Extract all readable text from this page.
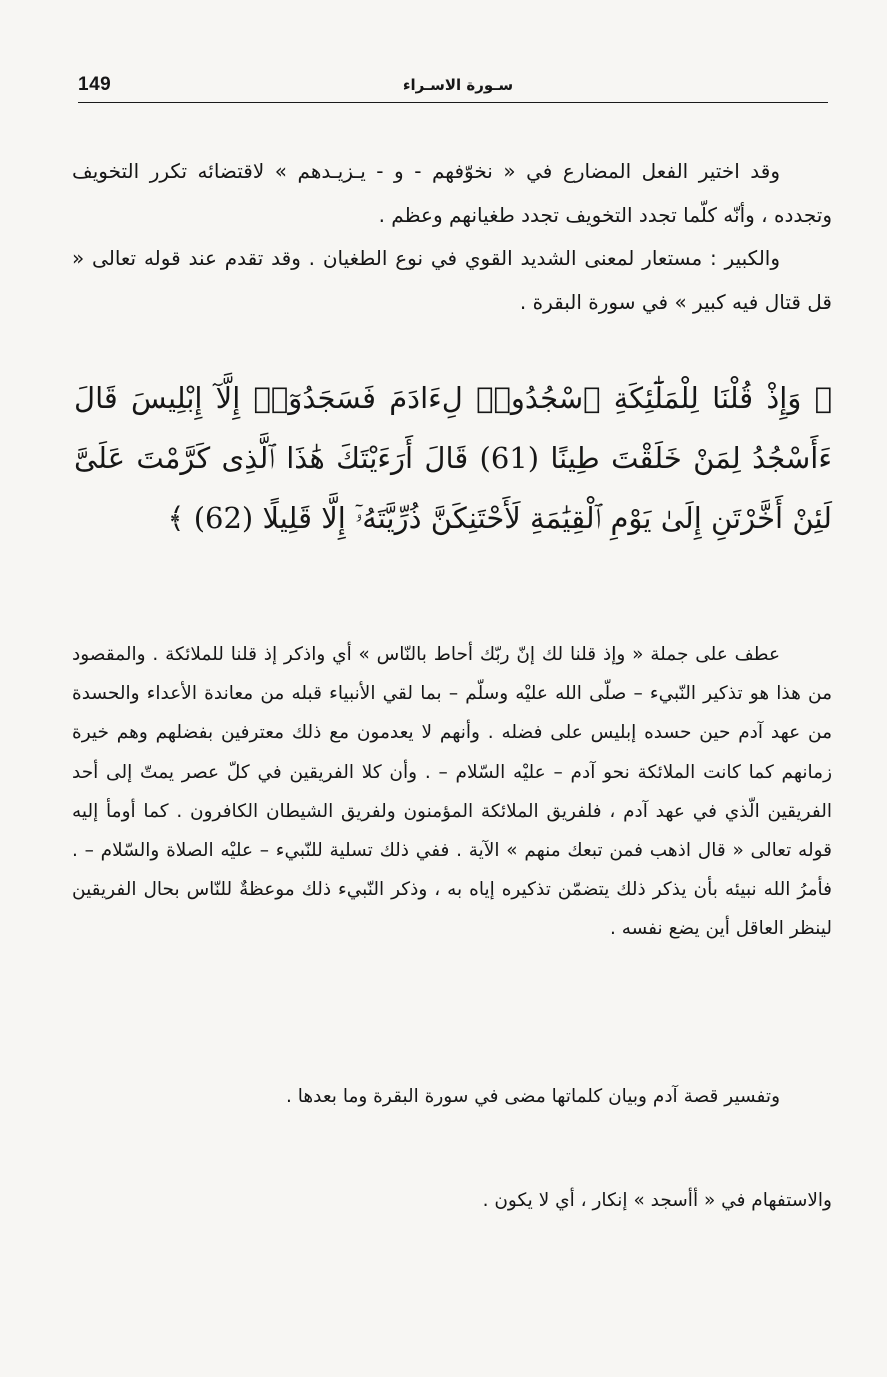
149	سـورة الاسـراء

وقد اختير الفعل المضارع في « نخوّفهم - و - يـزيـدهم » لاقتضائه تكرر التخويف وتجدده ، وأنّه كلّما تجدد التخويف تجدد طغيانهم وعظم .

والكبير : مستعار لمعنى الشديد القوي في نوع الطغيان . وقد تقدم عند قوله تعالى « قل قتال فيه كبير » في سورة البقرة .

﴿ وَإِذْ قُلْنَا لِلْمَلَٰٓئِكَةِ ٱسْجُدُوا۟ لِءَادَمَ فَسَجَدُوٓا۟ إِلَّآ إِبْلِيسَ قَالَ ءَأَسْجُدُ لِمَنْ خَلَقْتَ طِينًا (61) قَالَ أَرَءَيْتَكَ هَٰذَا ٱلَّذِى كَرَّمْتَ عَلَىَّ لَئِنْ أَخَّرْتَنِ إِلَىٰ يَوْمِ ٱلْقِيَٰمَةِ لَأَحْتَنِكَنَّ ذُرِّيَّتَهُۥٓ إِلَّا قَلِيلًا (62) ﴾

عطف على جملة « وإذ قلنا لك إنّ ربّك أحاط بالنّاس » أي واذكر إذ قلنا للملائكة . والمقصود من هذا هو تذكير النّبيء – صلّى الله عليْه وسلّم – بما لقي الأنبياء قبله من معاندة الأعداء والحسدة من عهد آدم حين حسده إبليس على فضله . وأنهم لا يعدمون مع ذلك معترفين بفضلهم وهم خيرة زمانهم كما كانت الملائكة نحو آدم – عليْه السّلام – . وأن كلا الفريقين في كلّ عصر يمتّ إلى أحد الفريقين الّذي في عهد آدم ، فلفريق الملائكة المؤمنون ولفريق الشيطان الكافرون . كما أومأ إليه قوله تعالى « قال اذهب فمن تبعك منهم » الآية . ففي ذلك تسلية للنّبيء – عليْه الصلاة والسّلام – . فأمرُ الله نبيئه بأن يذكر ذلك يتضمّن تذكيره إياه به ، وذكر النّبيء ذلك موعظةٌ للنّاس بحال الفريقين لينظر العاقل أين يضع نفسه .

وتفسير قصة آدم وبيان كلماتها مضى في سورة البقرة وما بعدها .

والاستفهام في « أأسجد » إنكار ، أي لا يكون .
